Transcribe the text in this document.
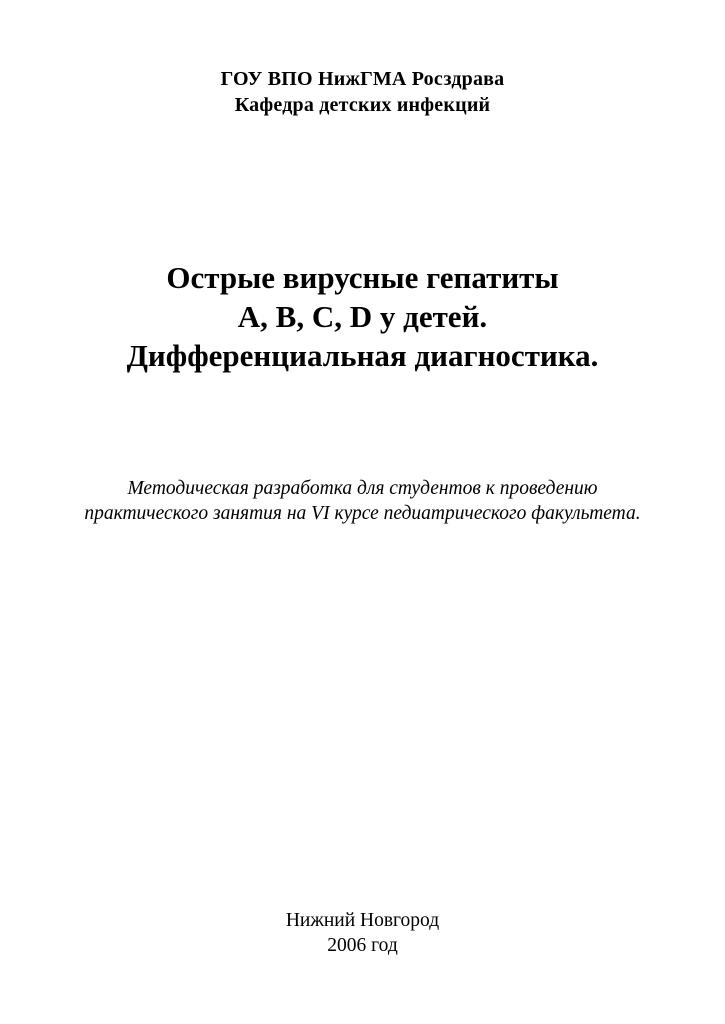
ГОУ ВПО НижГМА Росздрава
Кафедра детских инфекций
Острые вирусные гепатиты
А, В, С, D у детей.
Дифференциальная диагностика.
Методическая разработка для студентов к проведению
практического занятия на VI курсе педиатрического факультета.
Нижний Новгород
2006 год
